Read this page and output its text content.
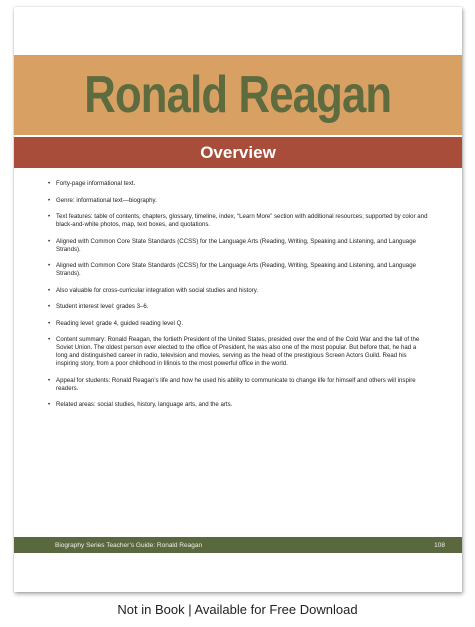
Ronald Reagan
Overview
• Forty-page informational text.
• Genre: informational text—biography.
• Text features: table of contents, chapters, glossary, timeline, index, “Learn More” section with additional resources; supported by color and black-and-white photos, map, text boxes, and quotations.
• Aligned with Common Core State Standards (CCSS) for the Language Arts (Reading, Writing, Speaking and Listening, and Language Strands).
• Aligned with Common Core State Standards (CCSS) for the Language Arts (Reading, Writing, Speaking and Listening, and Language Strands).
• Also valuable for cross-curricular integration with social studies and history.
• Student interest level: grades 3–6.
• Reading level: grade 4, guided reading level Q.
• Content summary: Ronald Reagan, the fortieth President of the United States, presided over the end of the Cold War and the fall of the Soviet Union. The oldest person ever elected to the office of President, he was also one of the most popular. But before that, he had a long and distinguished career in radio, television and movies, serving as the head of the prestigious Screen Actors Guild. Read his inspiring story, from a poor childhood in Illinois to the most powerful office in the world.
• Appeal for students: Ronald Reagan’s life and how he used his ability to communicate to change life for himself and others will inspire readers.
• Related areas: social studies, history, language arts, and the arts.
Biography Series Teacher’s Guide: Ronald Reagan	108
Not in Book | Available for Free Download
